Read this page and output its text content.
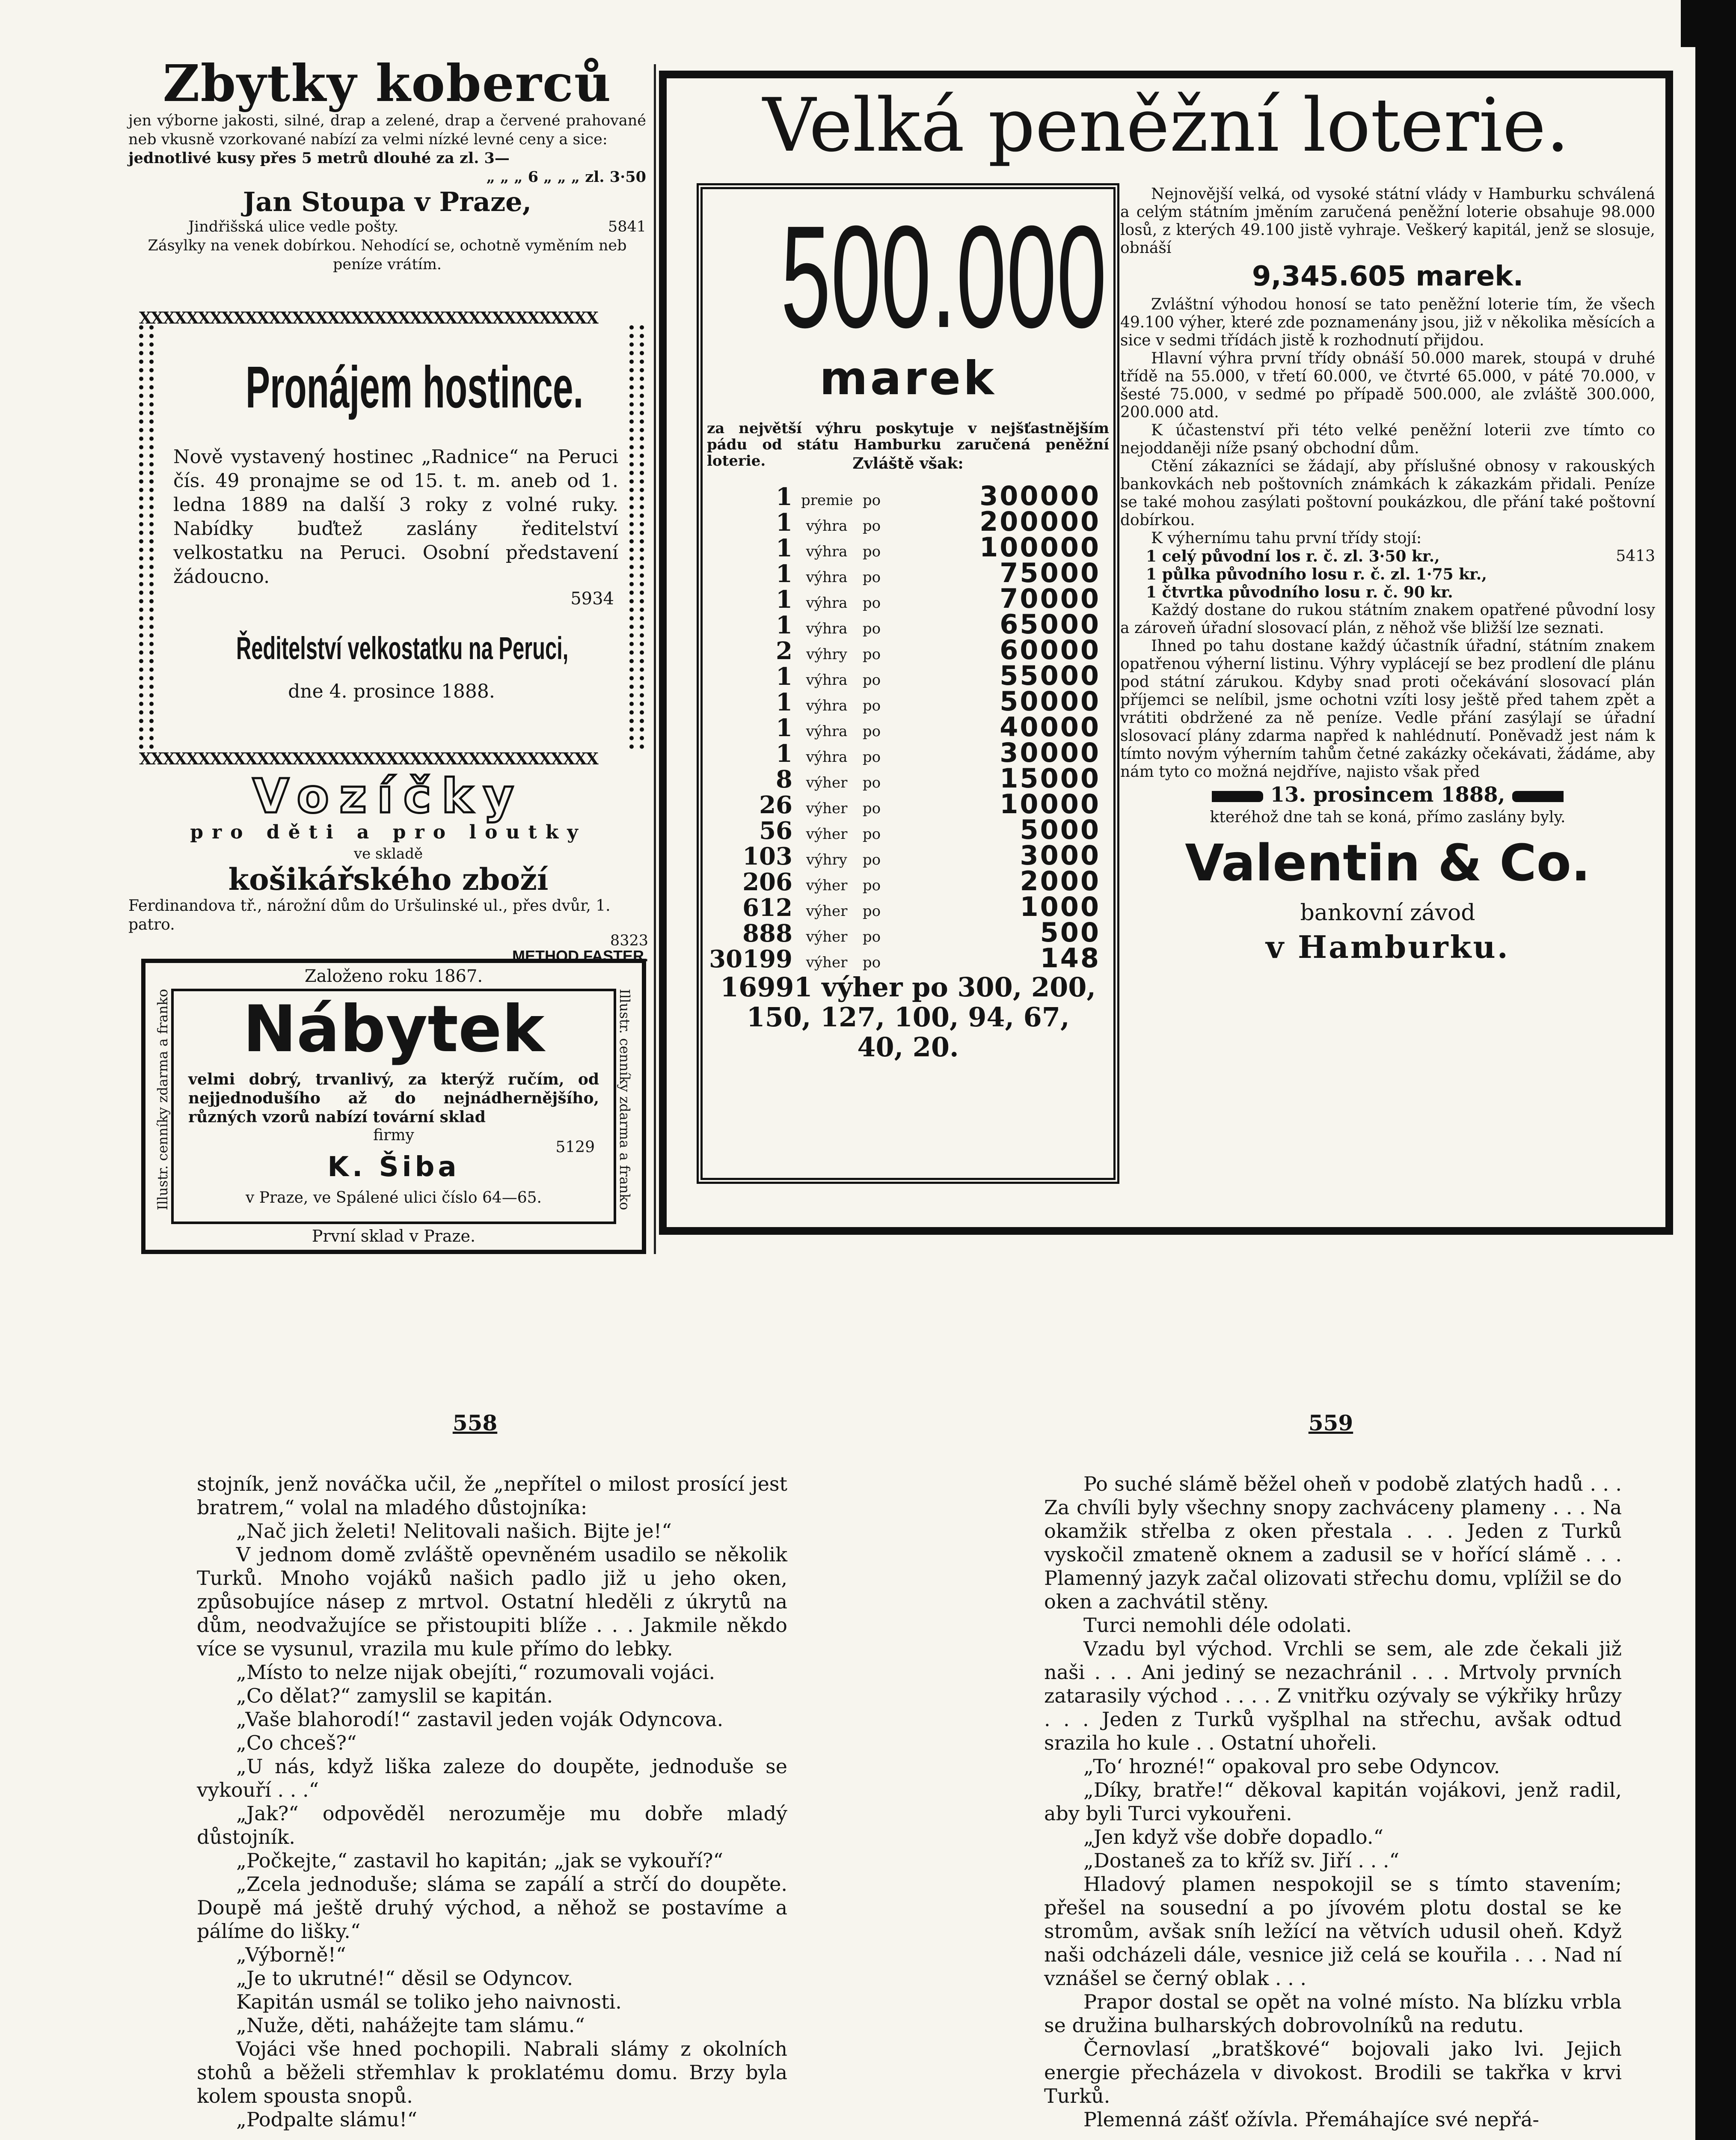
Zbytky koberců
jen výborne jakosti, silné, drap a zelené, drap a červené prahované neb vkusně vzorkované nabízí za velmi nízké levné ceny a sice:
jednotlivé kusy přes 5 metrů dlouhé za zl. 3—
„ „ „ 6 „ „ „ zl. 3·50
Jan Stoupa v Praze,
Jindřišská ulice vedle pošty.	5841
Zásylky na venek dobírkou. Nehodící se, ochotně vyměním neb peníze vrátím.
XXXXXXXXXXXXXXXXXXXXXXXXXXXXXXXXXXXXXXX
XXXXXXXXXXXXXXXXXXXXXXXXXXXXXXXXXXXXXXX
Pronájem hostince.
Nově vystavený hostinec „Radnice“ na Peruci čís. 49 pronajme se od 15. t. m. aneb od 1. ledna 1889 na další 3 roky z volné ruky. Nabídky buďtež zaslány ředitelství velkostatku na Peruci. Osobní představení žádoucno.
5934
Ředitelství velkostatku na Peruci,
dne 4. prosince 1888.
Vozíčky
pro děti a pro loutky
ve skladě
košikářského zboží
Ferdinandova tř., nárožní dům do Uršulinské ul., přes dvůr, 1. patro.
8323
METHOD FASTER.
Založeno roku 1867.
Illustr. cenníky zdarma a franko	Illustr. cenníky zdarma a franko
Nábytek
velmi dobrý, trvanlivý, za kterýž ručím, od nejjednodušího až do nejnádhernějšího, různých vzorů nabízí tovární sklad
firmy
5129
K. Šiba
v Praze, ve Spálené ulici číslo 64—65.
První sklad v Praze.
Velká peněžní loterie.
500.000
marek
za největší výhru poskytuje v nejšťastnějším pádu od státu Hamburku zaručená peněžní loterie.	Zvláště však:
1 premie po	300000
1 výhra	po	200000
1 výhra	po	100000
1 výhra	po	75000
1 výhra	po	70000
1 výhra	po	65000
2 výhry	po	60000
1 výhra	po	55000
1 výhra	po	50000
1 výhra	po	40000
1 výhra	po	30000
8 výher	po	15000
26 výher	po	10000
56 výher	po	5000
103 výhry	po	3000
206 výher	po	2000
612 výher	po	1000
888 výher	po	500
30199 výher	po	148
16991 výher po 300, 200, 150, 127, 100, 94, 67, 40, 20.

Nejnovější velká, od vysoké státní vlády v Hamburku schválená a celým státním jměním zaručená peněžní loterie obsahuje 98.000 losů, z kterých 49.100 jistě vyhraje. Veškerý kapitál, jenž se slosuje, obnáší

9,345.605 marek.

Zvláštní výhodou honosí se tato peněžní loterie tím, že všech 49.100 výher, které zde poznamenány jsou, již v několika měsících a sice v sedmi třídách jistě k rozhodnutí přijdou.

Hlavní výhra první třídy obnáší 50.000 marek, stoupá v druhé třídě na 55.000, v třetí 60.000, ve čtvrté 65.000, v páté 70.000, v šesté 75.000, v sedmé po případě 500.000, ale zvláště 300.000, 200.000 atd.

K účastenství při této velké peněžní loterii zve tímto co nejoddaněji níže psaný obchodní dům.

Ctění zákazníci se žádají, aby příslušné obnosy v rakouských bankovkách neb poštovních známkách k zákazkám přidali. Peníze se také mohou zasýlati poštovní poukázkou, dle přání také poštovní dobírkou.

K výhernímu tahu první třídy stojí:

1 celý původní los r. č. zl. 3·50 kr.,	5413

1 půlka původního losu r. č. zl. 1·75 kr.,

1 čtvrtka původního losu r. č. 90 kr.

Každý dostane do rukou státním znakem opatřené původní losy a zároveň úřadní slosovací plán, z něhož vše bližší lze seznati.

Ihned po tahu dostane každý účastník úřadní, státním znakem opatřenou výherní listinu. Výhry vyplácejí se bez prodlení dle plánu pod státní zárukou. Kdyby snad proti očekávání slosovací plán příjemci se nelíbil, jsme ochotni vzíti losy ještě před tahem zpět a vrátiti obdržené za ně peníze. Vedle přání zasýlají se úřadní slosovací plány zdarma napřed k nahlédnutí. Poněvadž jest nám k tímto novým výherním tahům četné zakázky očekávati, žádáme, aby nám tyto co možná nejdříve, najisto však před

13. prosincem 1888,

kteréhož dne tah se koná, přímo zaslány byly.

Valentin & Co.

bankovní závod

v Hamburku.

558	559

stojník, jenž nováčka učil, že „nepřítel o milost prosící jest bratrem,“ volal na mladého důstojníka:

„Nač jich želeti! Nelitovali našich. Bijte je!“

V jednom domě zvláště opevněném usadilo se několik Turků. Mnoho vojáků našich padlo již u jeho oken, způsobujíce násep z mrtvol. Ostatní hleděli z úkrytů na dům, neodvažujíce se přistoupiti blíže . . . Jakmile někdo více se vysunul, vrazila mu kule přímo do lebky.

„Místo to nelze nijak obejíti,“ rozumovali vojáci.

„Co dělat?“ zamyslil se kapitán.

„Vaše blahorodí!“ zastavil jeden voják Odyncova.

„Co chceš?“

„U nás, když liška zaleze do doupěte, jednoduše se vykouří . . .“

„Jak?“ odpověděl nerozuměje mu dobře mladý důstojník.

„Počkejte,“ zastavil ho kapitán; „jak se vykouří?“

„Zcela jednoduše; sláma se zapálí a strčí do doupěte. Doupě má ještě druhý východ, a něhož se postavíme a pálíme do lišky.“

„Výborně!“

„Je to ukrutné!“ děsil se Odyncov.

Kapitán usmál se toliko jeho naivnosti.

„Nuže, děti, nahážejte tam slámu.“

Vojáci vše hned pochopili. Nabrali slámy z okolních stohů a běželi střemhlav k proklatému domu. Brzy byla kolem spousta snopů.

„Podpalte slámu!“

Po suché slámě běžel oheň v podobě zlatých hadů . . . Za chvíli byly všechny snopy zachváceny plameny . . . Na okamžik střelba z oken přestala . . . Jeden z Turků vyskočil zmateně oknem a zadusil se v hořící slámě . . . Plamenný jazyk začal olizovati střechu domu, vplížil se do oken a zachvátil stěny.

Turci nemohli déle odolati.

Vzadu byl východ. Vrchli se sem, ale zde čekali již naši . . . Ani jediný se nezachránil . . . Mrtvoly prvních zatarasily východ . . . . Z vnitřku ozývaly se výkřiky hrůzy . . . Jeden z Turků vyšplhal na střechu, avšak odtud srazila ho kule . . Ostatní uhořeli.

„To‘ hrozné!“ opakoval pro sebe Odyncov.

„Díky, bratře!“ děkoval kapitán vojákovi, jenž radil, aby byli Turci vykouřeni.

„Jen když vše dobře dopadlo.“

„Dostaneš za to kříž sv. Jiří . . .“

Hladový plamen nespokojil se s tímto stavením; přešel na sousední a po jívovém plotu dostal se ke stromům, avšak sníh ležící na větvích udusil oheň. Když naši odcházeli dále, vesnice již celá se kouřila . . . Nad ní vznášel se černý oblak . . .

Prapor dostal se opět na volné místo. Na blízku vrbla se družina bulharských dobrovolníků na redutu.

Černovlasí „bratškové“ bojovali jako lvi. Jejich energie přecházela v divokost. Brodili se takřka v krvi Turků.

Plemenná zášť ožívla. Přemáhajíce své nepřá-
